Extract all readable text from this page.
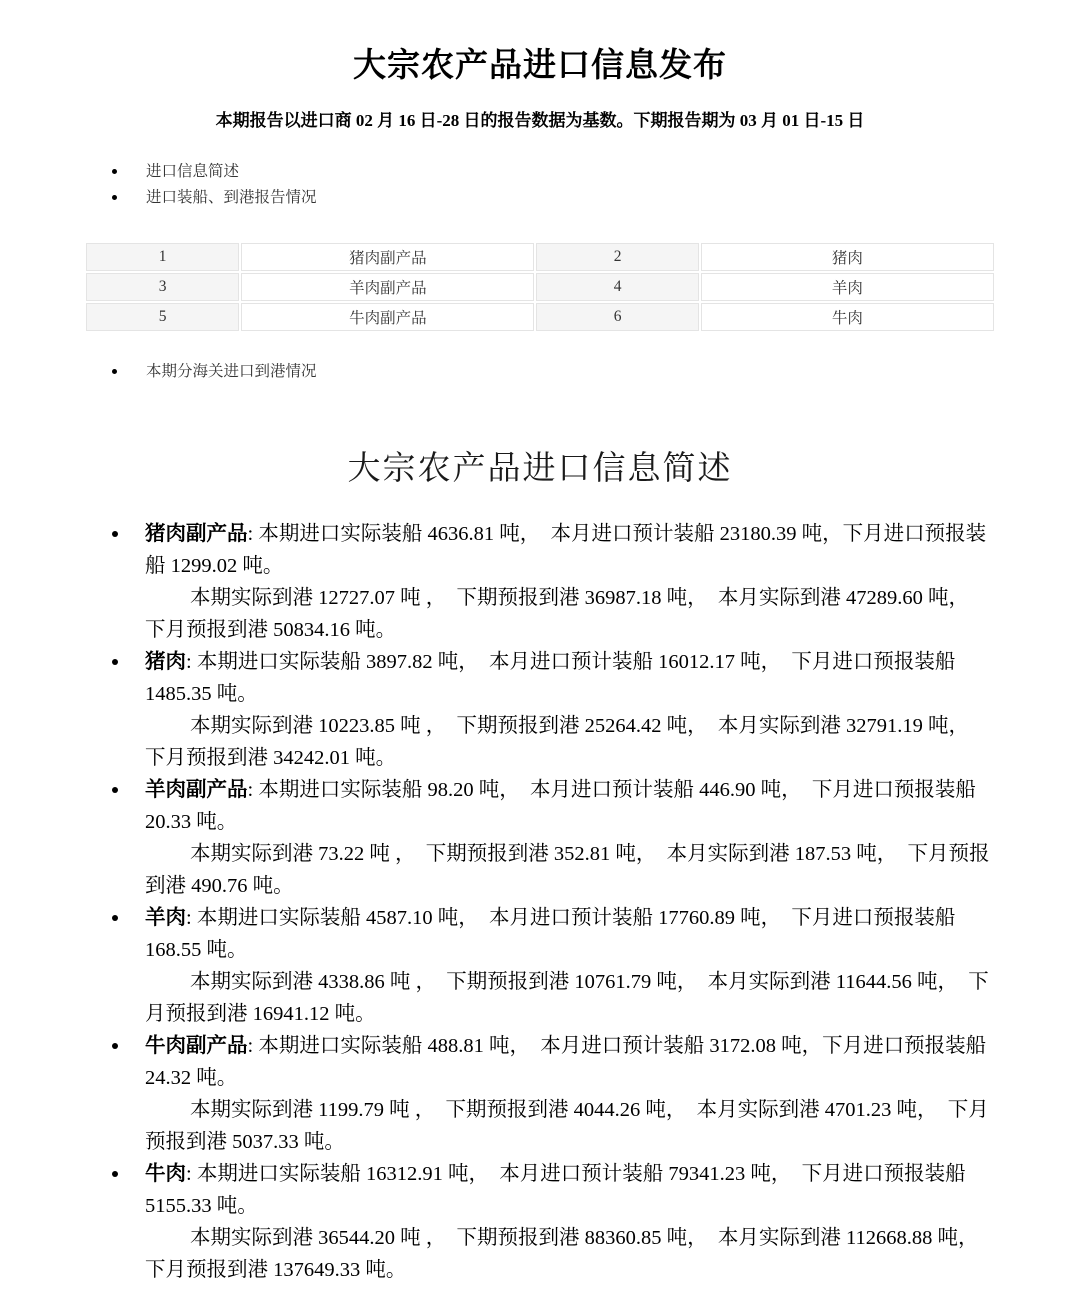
大宗农产品进口信息发布

本期报告以进口商 02 月 16 日-28 日的报告数据为基数。下期报告期为 03 月 01 日-15 日

进口信息简述
进口装船、到港报告情况
1	猪肉副产品	2	猪肉
3	羊肉副产品	4	羊肉
5	牛肉副产品	6	牛肉
本期分海关进口到港情况
大宗农产品进口信息简述

猪肉副产品: 本期进口实际装船 4636.81 吨，  本月进口预计装船 23180.39 吨，下月进口预报装船 1299.02 吨。

本期实际到港 12727.07 吨 ，  下期预报到港 36987.18 吨，  本月实际到港 47289.60 吨，  下月预报到港 50834.16 吨。

猪肉: 本期进口实际装船 3897.82 吨，  本月进口预计装船 16012.17 吨，  下月进口预报装船 1485.35 吨。

本期实际到港 10223.85 吨 ，  下期预报到港 25264.42 吨，  本月实际到港 32791.19 吨，  下月预报到港 34242.01 吨。

羊肉副产品: 本期进口实际装船 98.20 吨，  本月进口预计装船 446.90 吨，  下月进口预报装船 20.33 吨。

本期实际到港 73.22 吨 ，  下期预报到港 352.81 吨，  本月实际到港 187.53 吨，  下月预报到港 490.76 吨。

羊肉: 本期进口实际装船 4587.10 吨，  本月进口预计装船 17760.89 吨，  下月进口预报装船 168.55 吨。

本期实际到港 4338.86 吨 ，  下期预报到港 10761.79 吨，  本月实际到港 11644.56 吨，  下月预报到港 16941.12 吨。

牛肉副产品: 本期进口实际装船 488.81 吨，  本月进口预计装船 3172.08 吨，下月进口预报装船 24.32 吨。

本期实际到港 1199.79 吨 ，  下期预报到港 4044.26 吨，  本月实际到港 4701.23 吨，  下月预报到港 5037.33 吨。

牛肉: 本期进口实际装船 16312.91 吨，  本月进口预计装船 79341.23 吨，  下月进口预报装船 5155.33 吨。

本期实际到港 36544.20 吨 ，  下期预报到港 88360.85 吨，  本月实际到港 112668.88 吨，  下月预报到港 137649.33 吨。
